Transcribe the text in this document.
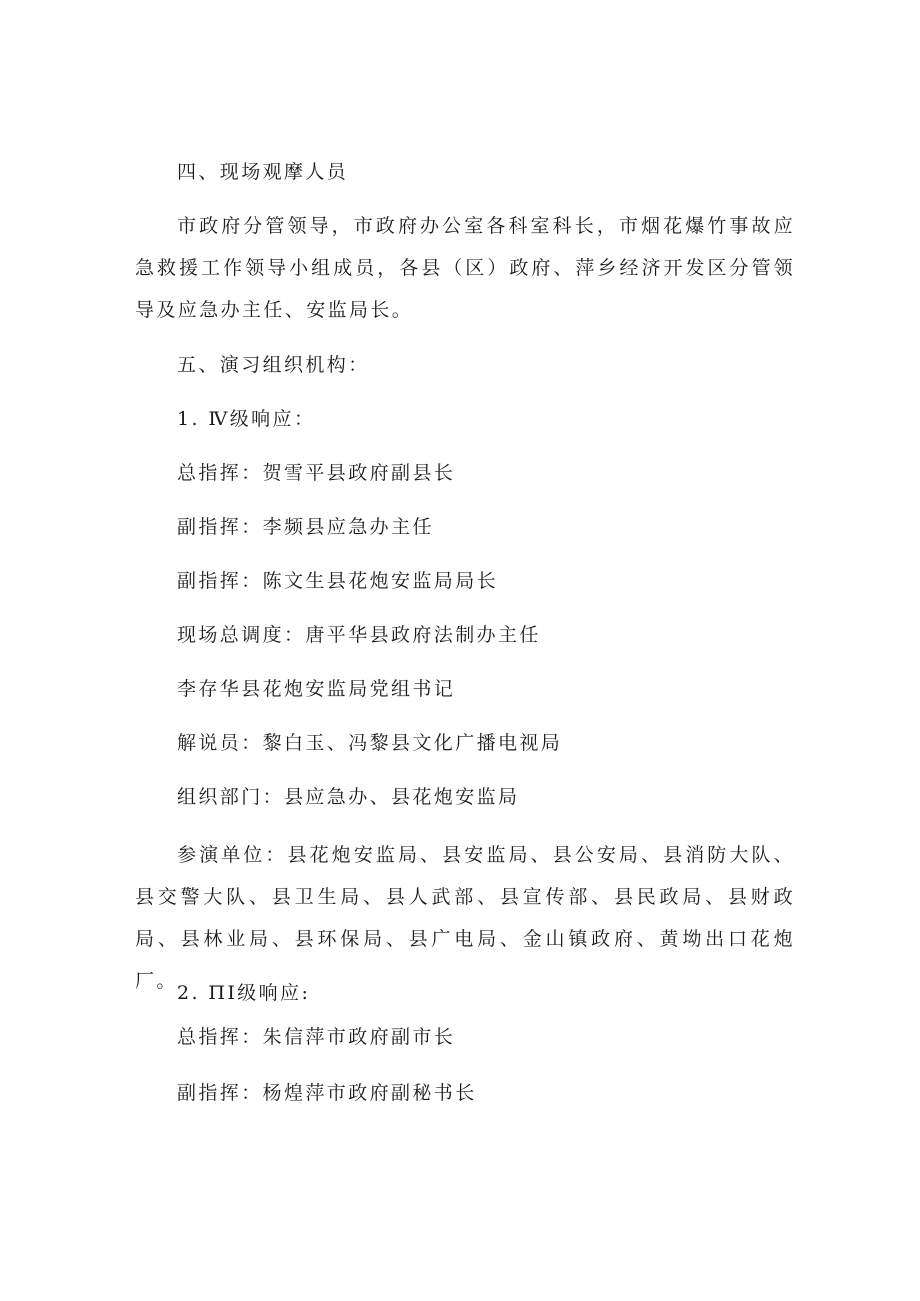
四、现场观摩人员

市政府分管领导，市政府办公室各科室科长，市烟花爆竹事故应急救援工作领导小组成员，各县（区）政府、萍乡经济开发区分管领导及应急办主任、安监局长。

五、演习组织机构：

1. Ⅳ级响应：

总指挥：贺雪平县政府副县长

副指挥：李频县应急办主任

副指挥：陈文生县花炮安监局局长

现场总调度：唐平华县政府法制办主任

李存华县花炮安监局党组书记

解说员：黎白玉、冯黎县文化广播电视局

组织部门：县应急办、县花炮安监局

参演单位：县花炮安监局、县安监局、县公安局、县消防大队、县交警大队、县卫生局、县人武部、县宣传部、县民政局、县财政局、县林业局、县环保局、县广电局、金山镇政府、黄坳出口花炮厂。

2. ΠI级响应:

总指挥：朱信萍市政府副市长

副指挥：杨煌萍市政府副秘书长
